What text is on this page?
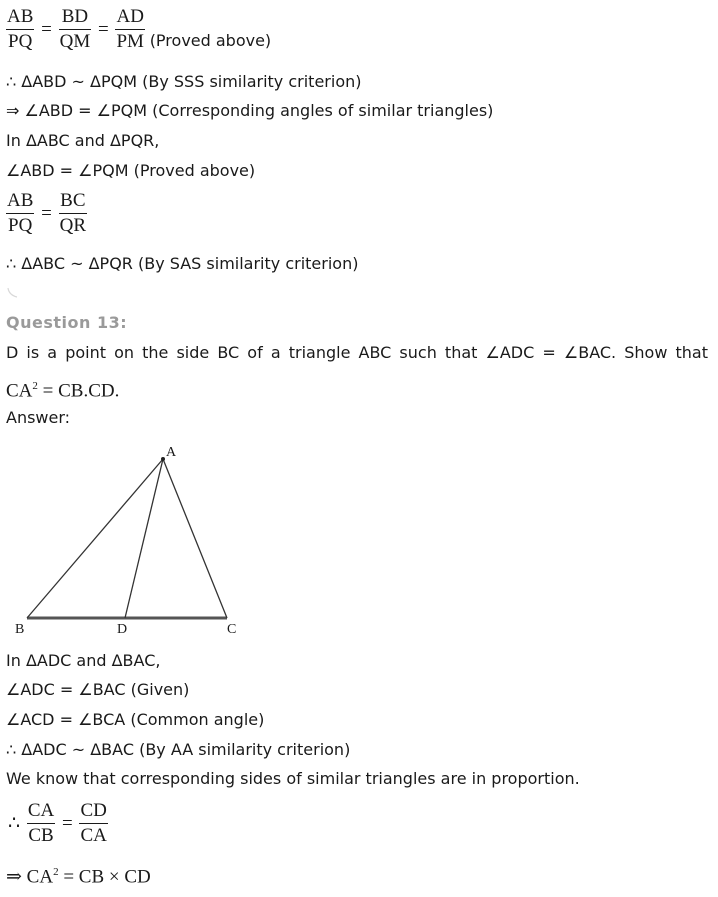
$\frac{AB}{PQ} = \frac{BD}{QM} = \frac{AD}{PM} _{(Proved above)}$
∴ ΔABD ~ ΔPQM (By SSS similarity criterion)
⇒ ∠ABD = ∠PQM (Corresponding angles of similar triangles)
In ΔABC and ΔPQR,
∠ABD = ∠PQM (Proved above)
$\frac{AB}{PQ} = \frac{BC}{QR}$
∴ ΔABC ~ ΔPQR (By SAS similarity criterion)
Question 13:
D is a point on the side BC of a triangle ABC such that ∠ADC = ∠BAC. Show that
$CA^2 = CB.CD$.
Answer:
A
B	D	C
In ΔADC and ΔBAC,
∠ADC = ∠BAC (Given)
∠ACD = ∠BCA (Common angle)
∴ ΔADC ~ ΔBAC (By AA similarity criterion)
We know that corresponding sides of similar triangles are in proportion.
∴ $\frac{CA}{CB} = \frac{CD}{CA}$
⇒ $CA^2$ = CB × CD
